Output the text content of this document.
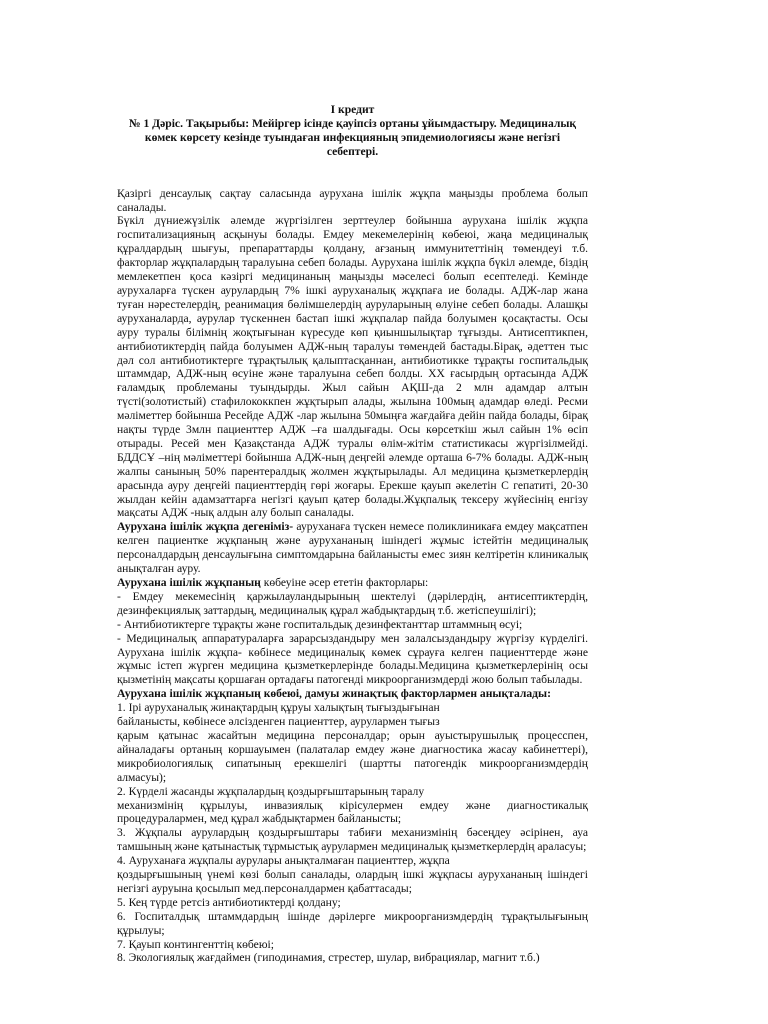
І кредит

№ 1 Дәріс. Тақырыбы: Мейіргер ісінде қауіпсіз ортаны ұйымдастыру. Медициналық

көмек көрсету кезінде туындаған инфекцияның эпидемиологиясы және негізгі

себептері.

Қазіргі денсаулық сақтау саласында аурухана ішілік жұқпа маңызды проблема болып саналады.

Бүкіл дүниежүзілік әлемде жүргізілген зерттеулер бойынша аурухана ішілік жұқпа госпитализацияның асқынуы болады. Емдеу мекемелерінің көбеюі, жаңа медициналық құралдардың шығуы, препараттарды қолдану, ағзаның иммунитеттінің төмендеуі т.б. факторлар жұқпалардың таралуына себеп болады. Аурухана ішілік жұқпа бүкіл әлемде, біздің мемлекетпен қоса кәзіргі медицинаның маңызды мәселесі болып есептеледі. Кемінде аурухаларға түскен аурулардың 7% ішкі ауруханалық жұқпаға ие болады. АДЖ-лар жана туған нәрестелердің, реанимация бөлімшелердің ауруларының өлуіне себеп болады. Алашқы ауруханаларда, аурулар түскеннен бастап ішкі жұқпалар пайда болуымен қосақтасты. Осы ауру туралы білімнің жоқтығынан күресуде көп қиыншылықтар тұғызды. Антисептикпен, антибиотиктердің пайда болуымен АДЖ-ның таралуы төмендей бастады.Бірақ, әдеттен тыс дәл сол антибиотиктерге тұрақтылық қалыптасқаннан, антибиотикке тұрақты госпитальдық штаммдар, АДЖ-ның өсуіне және таралуына себеп болды. ХХ ғасырдың ортасында АДЖ ғаламдық проблеманы туындырды. Жыл сайын АҚШ-да 2 млн адамдар алтын түсті(золотистый) стафилококкпен жұқтырып алады, жылына 100мың адамдар өледі. Ресми мәліметтер бойынша Ресейде АДЖ -лар жылына 50мыңға жағдайға дейін пайда болады, бірақ нақты түрде 3млн пациенттер АДЖ –ға шалдығады. Осы көрсеткіш жыл сайын 1% өсіп отырады. Ресей мен Қазақстанда АДЖ туралы өлім-жітім статистикасы жүргізілмейді. БДДСҰ –нің мәліметтері бойынша АДЖ-ның деңгейі әлемде орташа 6-7% болады. АДЖ-ның жалпы санының 50% парентералдық жолмен жұқтырылады. Ал медицина қызметкерлердің арасында ауру деңгейі пациенттердің гөрі жоғары. Ерекше қауып әкелетін С гепатиті, 20-30 жылдан кейін адамзаттарға негізгі қауып қатер болады.Жұқпалық тексеру жүйесінің енгізу мақсаты АДЖ -нық алдын алу болып саналады.

Аурухана ішілік жұқпа дегеніміз- ауруханаға түскен немесе поликлиникаға емдеу мақсатпен келген пациентке жұқпаның және аурухананың ішіндегі жұмыс істейтін медициналық персоналдардың денсаулығына симптомдарына байланысты емес зиян келтіретін клиникалық анықталған ауру.

Аурухана ішілік жұқпаның көбеуіне әсер ететін факторлары:

- Емдеу мекемесінің қаржылауландырының шектелуі (дәрілердің, антисептиктердің, дезинфекциялық заттардың, медициналық құрал жабдықтардың т.б. жетіспеушілігі);

- Антибиотиктерге тұрақты және госпитальдық дезинфектанттар штаммның өсуі;

- Медициналық аппаратураларға зарарсыздандыру мен залалсыздандыру жүргізу күрделігі. Аурухана ішілік жұқпа- көбінесе медициналық көмек сұрауға келген пациенттерде және жұмыс істеп жүрген медицина қызметкерлерінде болады.Медицина қызметкерлерінің осы қызметінің мақсаты қоршаған ортадағы патогенді микроорганизмдерді жою болып табылады.

Аурухана ішілік жұқпаның көбеюі, дамуы жинақтық факторлармен анықталады:

1. Ірі ауруханалық жинақтардың құруы халықтың тығыздығынан

байланысты, көбінесе әлсізденген пациенттер, аурулармен тығыз

қарым қатынас жасайтын медицина персоналдар; орын ауыстырушылық процесспен, айналадағы ортаның коршауымен (палаталар емдеу және диагностика жасау кабинеттері), микробиологиялық сипатының ерекшелігі (шартты патогендік микроорганизмдердің алмасуы);

2. Күрделі жасанды жұқпалардың қоздырғыштарының таралу

механизмінің құрылуы, инвазиялық кірісулермен емдеу және диагностикалық процедуралармен, мед құрал жабдықтармен байланысты;

3. Жұқпалы аурулардың қоздырғыштары табиғи механизмінің бәсеңдеу әсірінен, ауа тамшының және қатынастық тұрмыстық аурулармен медициналық қызметкерлердің араласуы;

4. Ауруханаға жұқпалы аурулары анықталмаған пациенттер, жұқпа

қоздырғышының үнемі көзі болып саналады, олардың ішкі жұқпасы аурухананың ішіндегі негізгі ауруына қосылып мед.персоналдармен қабаттасады;

5. Кең түрде ретсіз антибиотиктерді қолдану;

6. Госпиталдық штаммдардың ішінде дәрілерге микроорганизмдердің тұрақтылығының құрылуы;

7. Қауып контингенттің көбеюі;

8. Экологиялық жағдаймен (гиподинамия, стрестер, шулар, вибрациялар, магнит т.б.)
